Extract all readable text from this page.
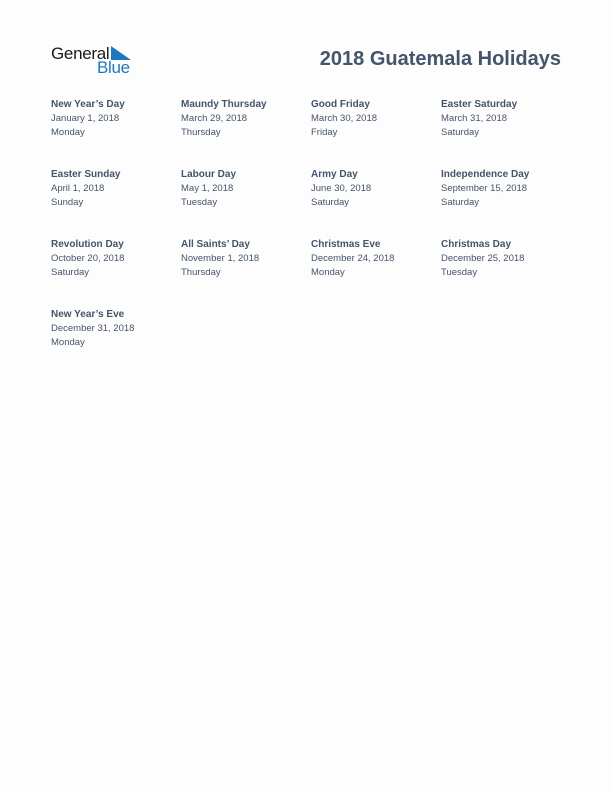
General
Blue	2018 Guatemala Holidays
New Year’s Day
January 1, 2018
Monday
Maundy Thursday
March 29, 2018
Thursday
Good Friday
March 30, 2018
Friday
Easter Saturday
March 31, 2018
Saturday
Easter Sunday
April 1, 2018
Sunday
Labour Day
May 1, 2018
Tuesday
Army Day
June 30, 2018
Saturday
Independence Day
September 15, 2018
Saturday
Revolution Day
October 20, 2018
Saturday
All Saints’ Day
November 1, 2018
Thursday
Christmas Eve
December 24, 2018
Monday
Christmas Day
December 25, 2018
Tuesday
New Year’s Eve
December 31, 2018
Monday
